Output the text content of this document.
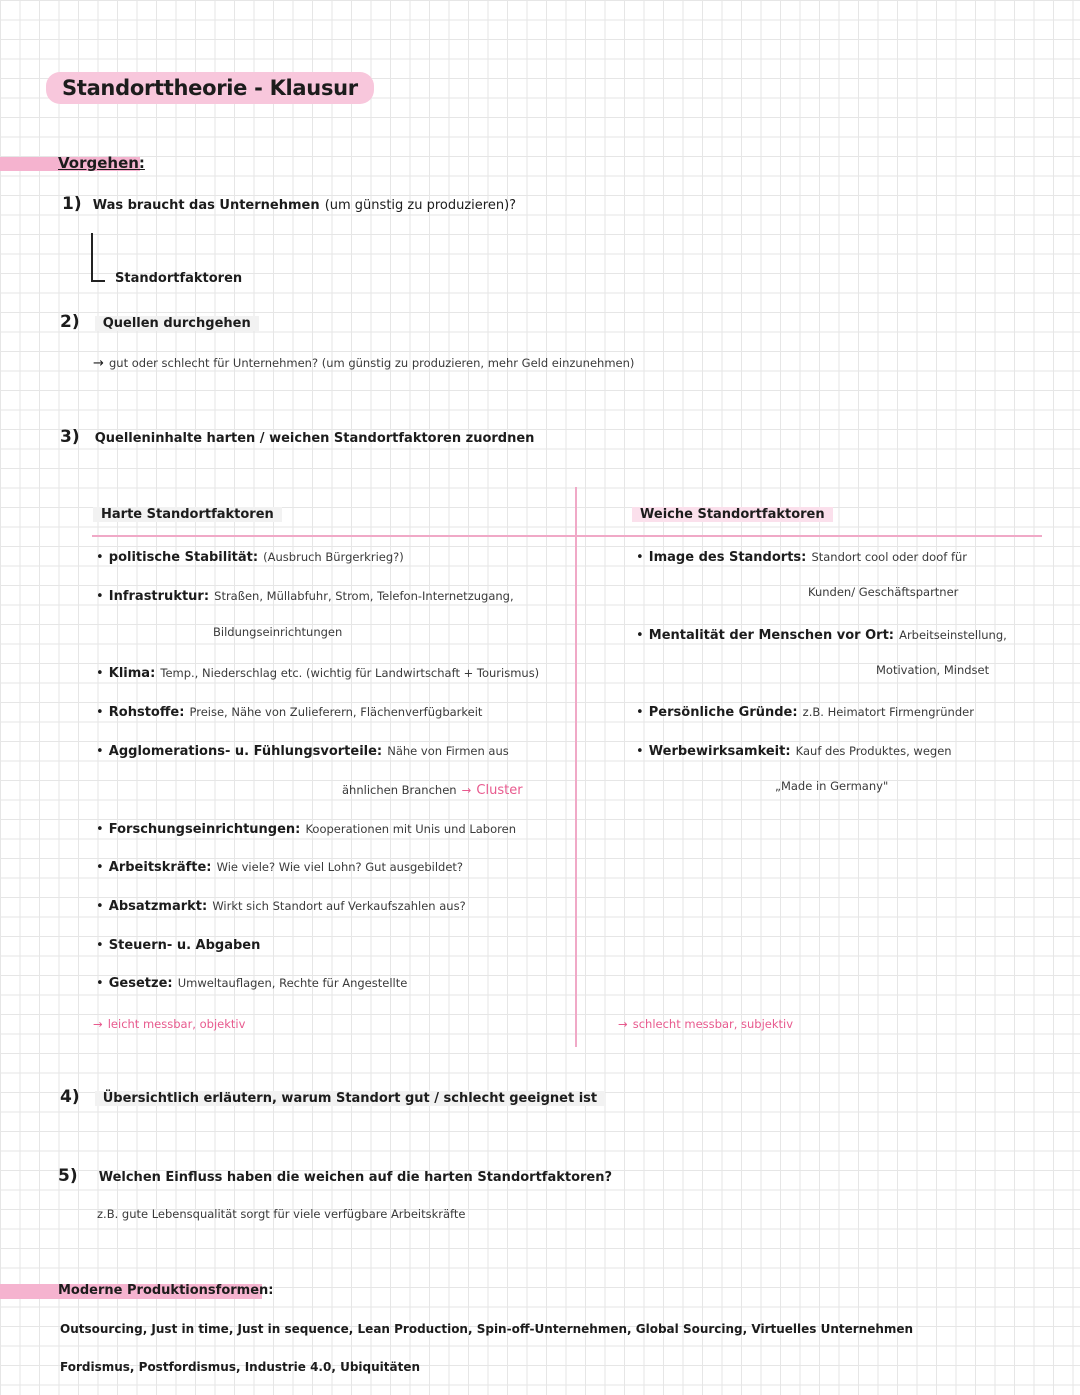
Standorttheorie - Klausur
Vorgehen:
1) Was braucht das Unternehmen (um günstig zu produzieren)?
Standortfaktoren
2) Quellen durchgehen
→ gut oder schlecht für Unternehmen? (um günstig zu produzieren, mehr Geld einzunehmen)
3) Quelleninhalte harten / weichen Standortfaktoren zuordnen
Harte Standortfaktoren	Weiche Standortfaktoren
• politische Stabilität: (Ausbruch Bürgerkrieg?)
• Infrastruktur: Straßen, Müllabfuhr, Strom, Telefon-Internetzugang,
Bildungseinrichtungen
• Klima: Temp., Niederschlag etc. (wichtig für Landwirtschaft + Tourismus)
• Rohstoffe: Preise, Nähe von Zulieferern, Flächenverfügbarkeit
• Agglomerations- u. Fühlungsvorteile: Nähe von Firmen aus
ähnlichen Branchen → Cluster
• Forschungseinrichtungen: Kooperationen mit Unis und Laboren
• Arbeitskräfte: Wie viele? Wie viel Lohn? Gut ausgebildet?
• Absatzmarkt: Wirkt sich Standort auf Verkaufszahlen aus?
• Steuern- u. Abgaben
• Gesetze: Umweltauflagen, Rechte für Angestellte
→ leicht messbar, objektiv
• Image des Standorts: Standort cool oder doof für
Kunden/ Geschäftspartner
• Mentalität der Menschen vor Ort: Arbeitseinstellung,
Motivation, Mindset
• Persönliche Gründe: z.B. Heimatort Firmengründer
• Werbewirksamkeit: Kauf des Produktes, wegen
„Made in Germany"
→ schlecht messbar, subjektiv
4) Übersichtlich erläutern, warum Standort gut / schlecht geeignet ist
5) Welchen Einfluss haben die weichen auf die harten Standortfaktoren?
z.B. gute Lebensqualität sorgt für viele verfügbare Arbeitskräfte
Moderne Produktionsformen:
Outsourcing, Just in time, Just in sequence, Lean Production, Spin-off-Unternehmen, Global Sourcing, Virtuelles Unternehmen
Fordismus, Postfordismus, Industrie 4.0, Ubiquitäten
